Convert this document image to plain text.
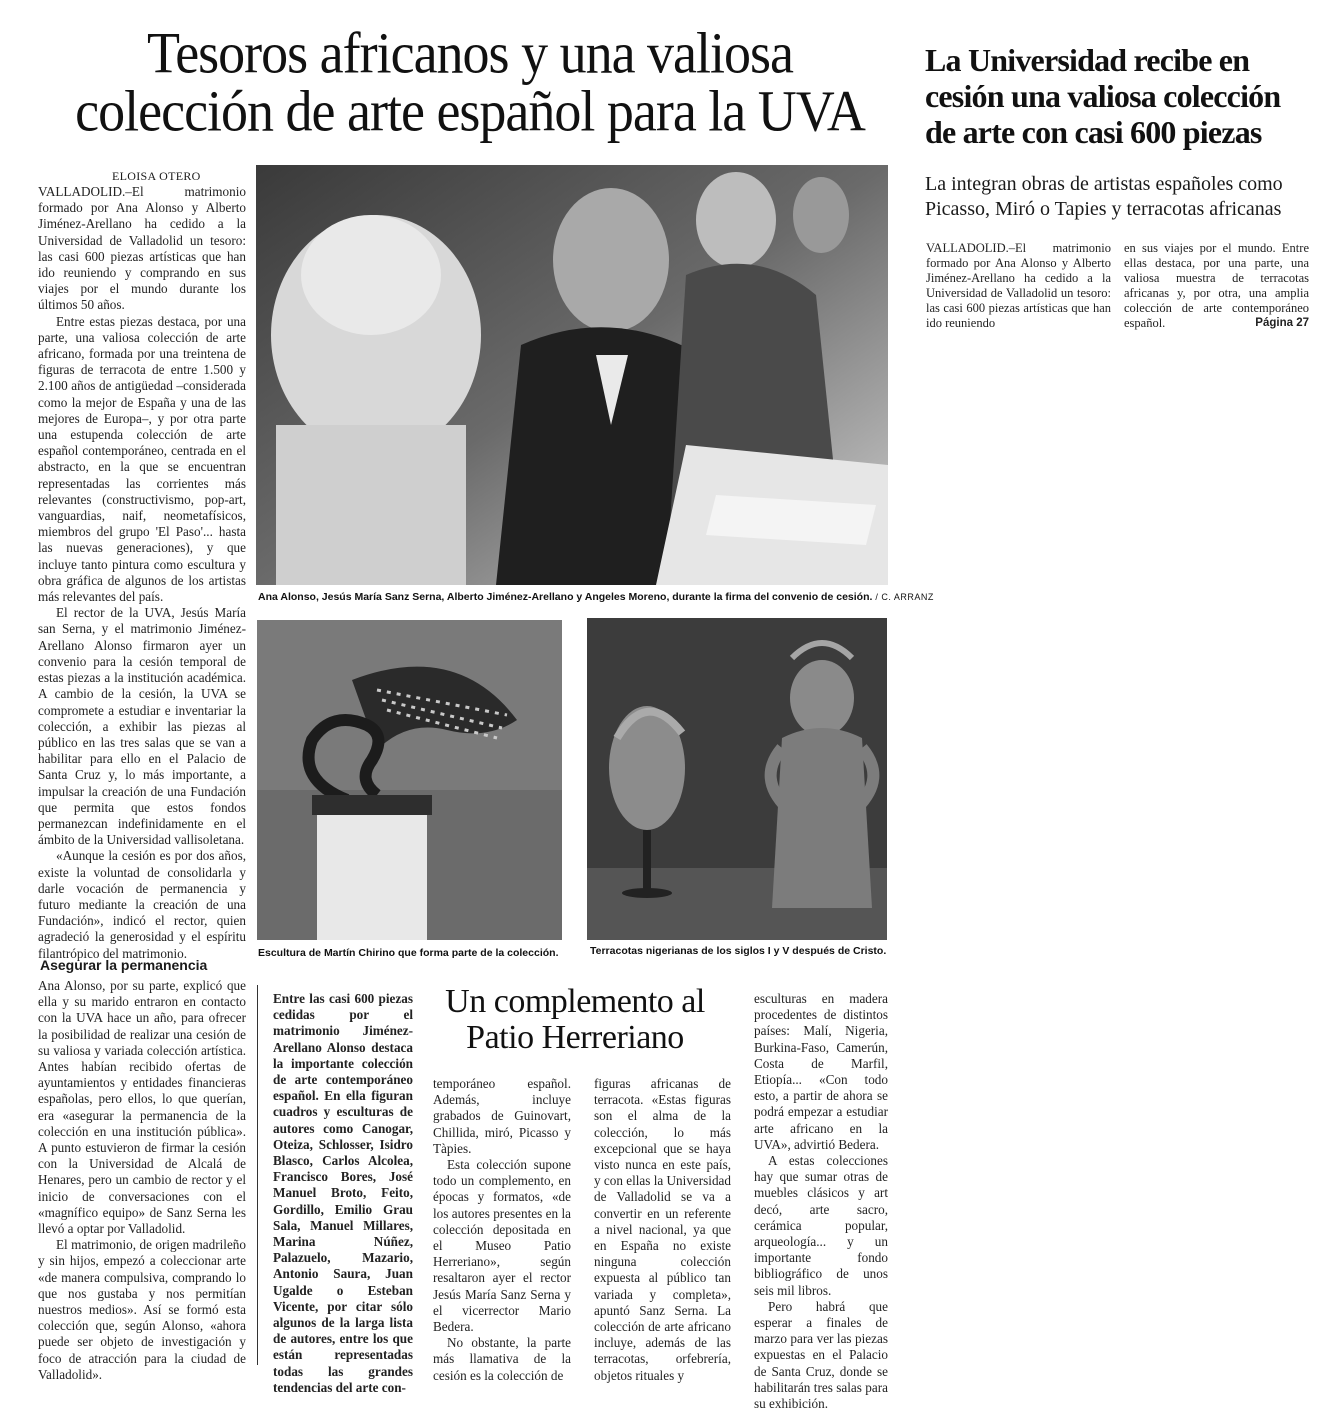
Tesoros africanos y una valiosa
colección de arte español para la UVA
La Universidad recibe en cesión una valiosa colección de arte con casi 600 piezas
La integran obras de artistas españoles como Picasso, Miró o Tapies y terracotas africanas

VALLADOLID.–El matrimonio formado por Ana Alonso y Alberto Jiménez-Arellano ha cedido a la Universidad de Valladolid un tesoro: las casi 600 piezas artísticas que han ido reuniendo

en sus viajes por el mundo. Entre ellas destaca, por una parte, una valiosa muestra de terracotas africanas y, por otra, una amplia colección de arte contemporáneo español.	Página 27

ELOISA OTERO

VALLADOLID.–El matrimonio formado por Ana Alonso y Alberto Jiménez-Arellano ha cedido a la Universidad de Valladolid un tesoro: las casi 600 piezas artísticas que han ido reuniendo y comprando en sus viajes por el mundo durante los últimos 50 años.

Entre estas piezas destaca, por una parte, una valiosa colección de arte africano, formada por una treintena de figuras de terracota de entre 1.500 y 2.100 años de antigüedad –considerada como la mejor de España y una de las mejores de Europa–, y por otra parte una estupenda colección de arte español contemporáneo, centrada en el abstracto, en la que se encuentran representadas las corrientes más relevantes (constructivismo, pop-art, vanguardias, naif, neometafísicos, miembros del grupo 'El Paso'... hasta las nuevas generaciones), y que incluye tanto pintura como escultura y obra gráfica de algunos de los artistas más relevantes del país.

El rector de la UVA, Jesús María san Serna, y el matrimonio Jiménez-Arellano Alonso firmaron ayer un convenio para la cesión temporal de estas piezas a la institución académica. A cambio de la cesión, la UVA se compromete a estudiar e inventariar la colección, a exhibir las piezas al público en las tres salas que se van a habilitar para ello en el Palacio de Santa Cruz y, lo más importante, a impulsar la creación de una Fundación que permita que estos fondos permanezcan indefinidamente en el ámbito de la Universidad vallisoletana.

«Aunque la cesión es por dos años, existe la voluntad de consolidarla y darle vocación de permanencia y futuro mediante la creación de una Fundación», indicó el rector, quien agradeció la generosidad y el espíritu filantrópico del matrimonio.

Asegurar la permanencia

Ana Alonso, por su parte, explicó que ella y su marido entraron en contacto con la UVA hace un año, para ofrecer la posibilidad de realizar una cesión de su valiosa y variada colección artística. Antes habían recibido ofertas de ayuntamientos y entidades financieras españolas, pero ellos, lo que querían, era «asegurar la permanencia de la colección en una institución pública». A punto estuvieron de firmar la cesión con la Universidad de Alcalá de Henares, pero un cambio de rector y el inicio de conversaciones con el «magnífico equipo» de Sanz Serna les llevó a optar por Valladolid.

El matrimonio, de origen madrileño y sin hijos, empezó a coleccionar arte «de manera compulsiva, comprando lo que nos gustaba y nos permitían nuestros medios». Así se formó esta colección que, según Alonso, «ahora puede ser objeto de investigación y foco de atracción para la ciudad de Valladolid».

Ana Alonso, Jesús María Sanz Serna, Alberto Jiménez-Arellano y Angeles Moreno, durante la firma del convenio de cesión. / C. ARRANZ
Escultura de Martín Chirino que forma parte de la colección.	Terracotas nigerianas de los siglos I y V después de Cristo.
Un complemento al
Patio Herreriano

Entre las casi 600 piezas cedidas por el matrimonio Jiménez-Arellano Alonso destaca la importante colección de arte contemporáneo español. En ella figuran cuadros y esculturas de autores como Canogar, Oteiza, Schlosser, Isidro Blasco, Carlos Alcolea, Francisco Bores, José Manuel Broto, Feito, Gordillo, Emilio Grau Sala, Manuel Millares, Marina Núñez, Palazuelo, Mazario, Antonio Saura, Juan Ugalde o Esteban Vicente, por citar sólo algunos de la larga lista de autores, entre los que están representadas todas las grandes tendencias del arte con-

temporáneo español. Además, incluye grabados de Guinovart, Chillida, miró, Picasso y Tàpies.

Esta colección supone todo un complemento, en épocas y formatos, «de los autores presentes en la colección depositada en el Museo Patio Herreriano», según resaltaron ayer el rector Jesús María Sanz Serna y el vicerrector Mario Bedera.

No obstante, la parte más llamativa de la cesión es la colección de

figuras africanas de terracota. «Estas figuras son el alma de la colección, lo más excepcional que se haya visto nunca en este país, y con ellas la Universidad de Valladolid se va a convertir en un referente a nivel nacional, ya que en España no existe ninguna colección expuesta al público tan variada y completa», apuntó Sanz Serna. La colección de arte africano incluye, además de las terracotas, orfebrería, objetos rituales y

esculturas en madera procedentes de distintos países: Malí, Nigeria, Burkina-Faso, Camerún, Costa de Marfil, Etiopía... «Con todo esto, a partir de ahora se podrá empezar a estudiar arte africano en la UVA», advirtió Bedera.

A estas colecciones hay que sumar otras de muebles clásicos y art decó, arte sacro, cerámica popular, arqueología... y un importante fondo bibliográfico de unos seis mil libros.

Pero habrá que esperar a finales de marzo para ver las piezas expuestas en el Palacio de Santa Cruz, donde se habilitarán tres salas para su exhibición.
